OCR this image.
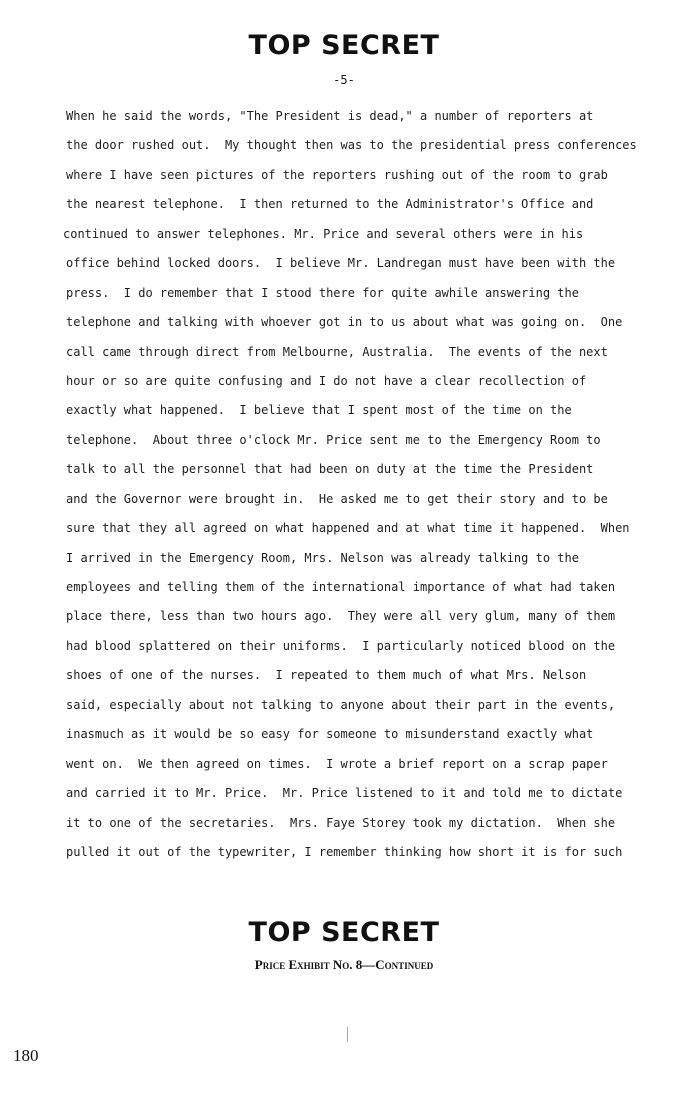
TOP SECRET
-5-
When he said the words, "The President is dead," a number of reporters at
the door rushed out.  My thought then was to the presidential press conferences
where I have seen pictures of the reporters rushing out of the room to grab
the nearest telephone.  I then returned to the Administrator's Office and
continued to answer telephones. Mr. Price and several others were in his
office behind locked doors.  I believe Mr. Landregan must have been with the
press.  I do remember that I stood there for quite awhile answering the
telephone and talking with whoever got in to us about what was going on.  One
call came through direct from Melbourne, Australia.  The events of the next
hour or so are quite confusing and I do not have a clear recollection of
exactly what happened.  I believe that I spent most of the time on the
telephone.  About three o'clock Mr. Price sent me to the Emergency Room to
talk to all the personnel that had been on duty at the time the President
and the Governor were brought in.  He asked me to get their story and to be
sure that they all agreed on what happened and at what time it happened.  When
I arrived in the Emergency Room, Mrs. Nelson was already talking to the
employees and telling them of the international importance of what had taken
place there, less than two hours ago.  They were all very glum, many of them
had blood splattered on their uniforms.  I particularly noticed blood on the
shoes of one of the nurses.  I repeated to them much of what Mrs. Nelson
said, especially about not talking to anyone about their part in the events,
inasmuch as it would be so easy for someone to misunderstand exactly what
went on.  We then agreed on times.  I wrote a brief report on a scrap paper
and carried it to Mr. Price.  Mr. Price listened to it and told me to dictate
it to one of the secretaries.  Mrs. Faye Storey took my dictation.  When she
pulled it out of the typewriter, I remember thinking how short it is for such
TOP SECRET
Price Exhibit No. 8—Continued
180
